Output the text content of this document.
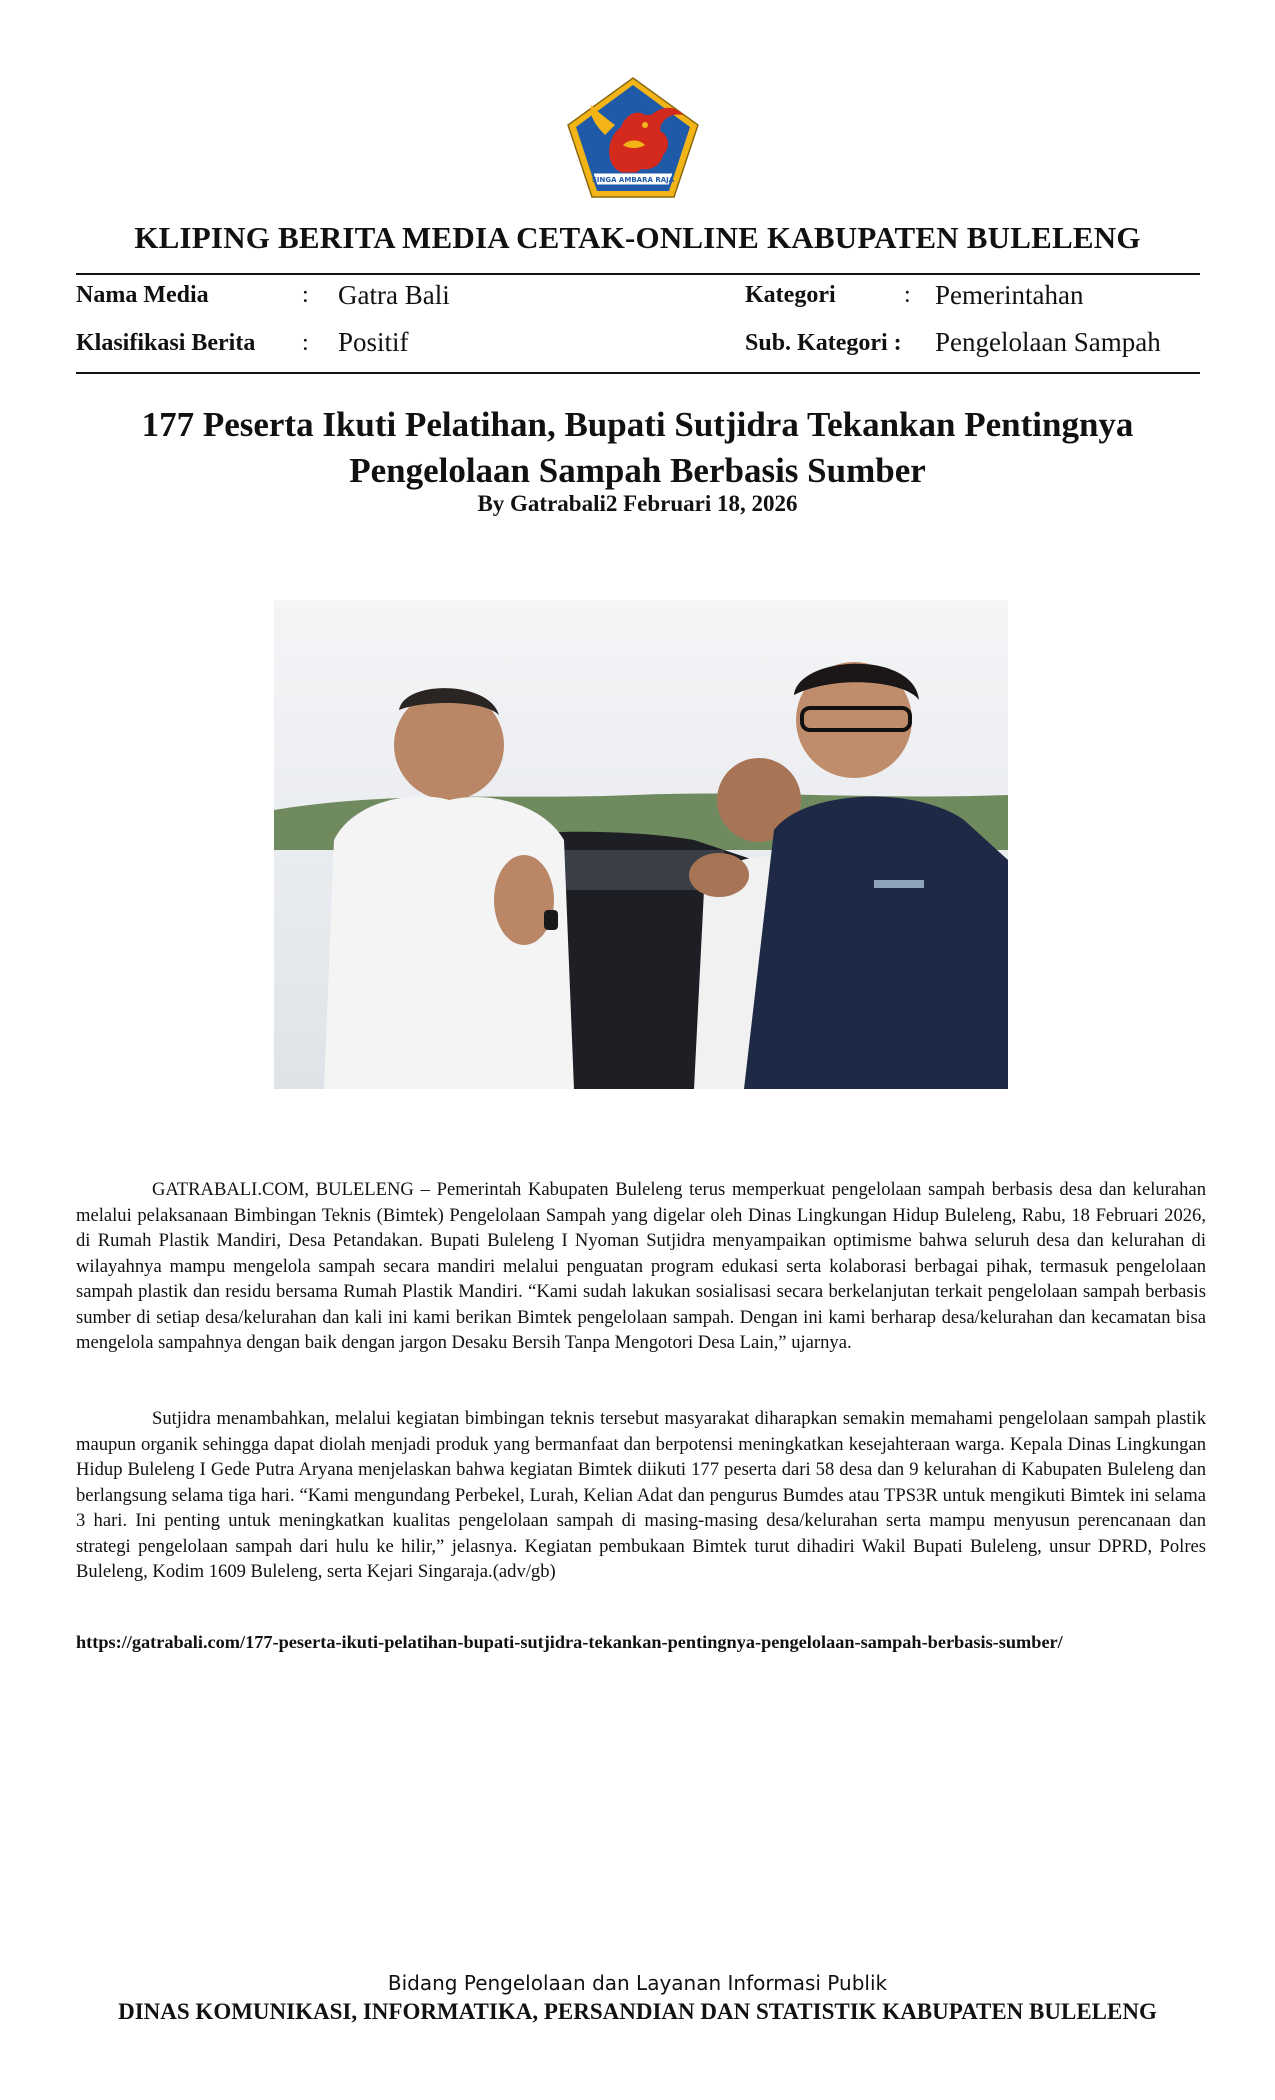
SINGA AMBARA RAJA
KLIPING BERITA MEDIA CETAK-ONLINE KABUPATEN BULELENG
Nama Media	: Gatra Bali	Kategori	: Pemerintahan
Klasifikasi Berita : Positif	Sub. Kategori : Pengelolaan Sampah
177 Peserta Ikuti Pelatihan, Bupati Sutjidra Tekankan Pentingnya
Pengelolaan Sampah Berbasis Sumber
By Gatrabali2 Februari 18, 2026

GATRABALI.COM, BULELENG – Pemerintah Kabupaten Buleleng terus memperkuat pengelolaan sampah berbasis desa dan kelurahan melalui pelaksanaan Bimbingan Teknis (Bimtek) Pengelolaan Sampah yang digelar oleh Dinas Lingkungan Hidup Buleleng, Rabu, 18 Februari 2026, di Rumah Plastik Mandiri, Desa Petandakan. Bupati Buleleng I Nyoman Sutjidra menyampaikan optimisme bahwa seluruh desa dan kelurahan di wilayahnya mampu mengelola sampah secara mandiri melalui penguatan program edukasi serta kolaborasi berbagai pihak, termasuk pengelolaan sampah plastik dan residu bersama Rumah Plastik Mandiri. “Kami sudah lakukan sosialisasi secara berkelanjutan terkait pengelolaan sampah berbasis sumber di setiap desa/kelurahan dan kali ini kami berikan Bimtek pengelolaan sampah. Dengan ini kami berharap desa/kelurahan dan kecamatan bisa mengelola sampahnya dengan baik dengan jargon Desaku Bersih Tanpa Mengotori Desa Lain,” ujarnya.

Sutjidra menambahkan, melalui kegiatan bimbingan teknis tersebut masyarakat diharapkan semakin memahami pengelolaan sampah plastik maupun organik sehingga dapat diolah menjadi produk yang bermanfaat dan berpotensi meningkatkan kesejahteraan warga. Kepala Dinas Lingkungan Hidup Buleleng I Gede Putra Aryana menjelaskan bahwa kegiatan Bimtek diikuti 177 peserta dari 58 desa dan 9 kelurahan di Kabupaten Buleleng dan berlangsung selama tiga hari. “Kami mengundang Perbekel, Lurah, Kelian Adat dan pengurus Bumdes atau TPS3R untuk mengikuti Bimtek ini selama 3 hari. Ini penting untuk meningkatkan kualitas pengelolaan sampah di masing-masing desa/kelurahan serta mampu menyusun perencanaan dan strategi pengelolaan sampah dari hulu ke hilir,” jelasnya. Kegiatan pembukaan Bimtek turut dihadiri Wakil Bupati Buleleng, unsur DPRD, Polres Buleleng, Kodim 1609 Buleleng, serta Kejari Singaraja.(adv/gb)

https://gatrabali.com/177-peserta-ikuti-pelatihan-bupati-sutjidra-tekankan-pentingnya-pengelolaan-sampah-berbasis-sumber/
Bidang Pengelolaan dan Layanan Informasi Publik
DINAS KOMUNIKASI, INFORMATIKA, PERSANDIAN DAN STATISTIK KABUPATEN BULELENG
